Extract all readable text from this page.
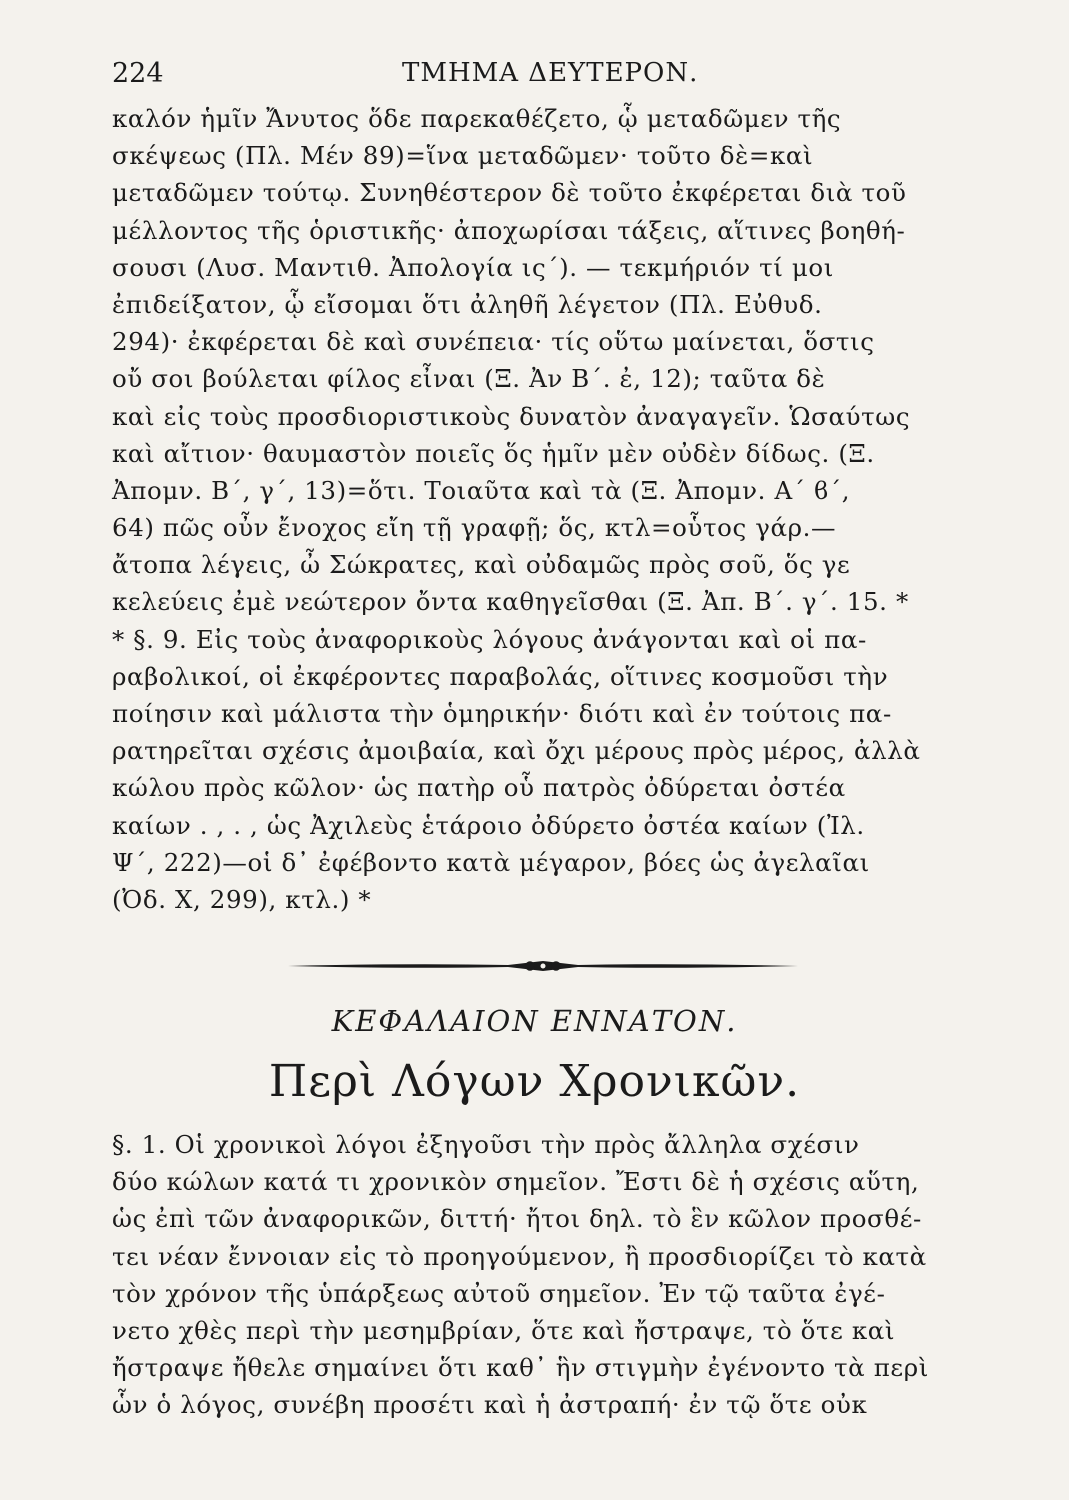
224	ΤΜΗΜΑ ΔΕΥΤΕΡΟΝ.
καλόν ἡμῖν Ἄνυτος ὅδε παρεκαθέζετο, ᾧ μεταδῶμεν τῆς
σκέψεως (Πλ. Μέν 89)=ἵνα μεταδῶμεν· τοῦτο δὲ=καὶ
μεταδῶμεν τούτῳ. Συνηθέστερον δὲ τοῦτο ἐκφέρεται διὰ τοῦ
μέλλοντος τῆς ὁριστικῆς· ἀποχωρίσαι τάξεις, αἵτινες βοηθή-
σουσι (Λυσ. Μαντιθ. Ἀπολογία ις΄). — τεκμήριόν τί μοι
ἐπιδείξατον, ᾧ εἴσομαι ὅτι ἀληθῆ λέγετον (Πλ. Εὐθυδ.
294)· ἐκφέρεται δὲ καὶ συνέπεια· τίς οὕτω μαίνεται, ὅστις
οὔ σοι βούλεται φίλος εἶναι (Ξ. Ἀν Β΄. ἐ, 12); ταῦτα δὲ
καὶ εἰς τοὺς προσδιοριστικοὺς δυνατὸν ἀναγαγεῖν. Ὡσαύτως
καὶ αἴτιον· θαυμαστὸν ποιεῖς ὅς ἡμῖν μὲν οὐδὲν δίδως. (Ξ.
Ἀπομν. Β΄, γ΄, 13)=ὅτι. Τοιαῦτα καὶ τὰ (Ξ. Ἀπομν. Α΄ ϐ΄,
64) πῶς οὖν ἔνοχος εἴη τῇ γραφῇ; ὅς, κτλ=οὗτος γάρ.—
ἄτοπα λέγεις, ὦ Σώκρατες, καὶ οὐδαμῶς πρὸς σοῦ, ὅς γε
κελεύεις ἐμὲ νεώτερον ὄντα καθηγεῖσθαι (Ξ. Ἀπ. Β΄. γ΄. 15. *
* §. 9. Εἰς τοὺς ἀναφορικοὺς λόγους ἀνάγονται καὶ οἱ πα-
ραβολικοί, οἱ ἐκφέροντες παραβολάς, οἵτινες κοσμοῦσι τὴν
ποίησιν καὶ μάλιστα τὴν ὁμηρικήν· διότι καὶ ἐν τούτοις πα-
ρατηρεῖται σχέσις ἀμοιβαία, καὶ ὄχι μέρους πρὸς μέρος, ἀλλὰ
κώλου πρὸς κῶλον· ὡς πατὴρ οὗ πατρὸς ὀδύρεται ὀστέα
καίων . , . , ὡς Ἀχιλεὺς ἑτάροιο ὀδύρετο ὀστέα καίων (Ἰλ.
Ψ΄, 222)—οἱ δ᾽ ἐφέβοντο κατὰ μέγαρον, βόες ὡς ἀγελαῖαι
(Ὀδ. Χ, 299), κτλ.) *
ΚΕΦΑΛΑΙΟΝ ΕΝΝΑΤΟΝ.
Περὶ Λόγων Χρονικῶν.
§. 1. Οἱ χρονικοὶ λόγοι ἐξηγοῦσι τὴν πρὸς ἄλληλα σχέσιν
δύο κώλων κατά τι χρονικὸν σημεῖον. Ἔστι δὲ ἡ σχέσις αὕτη,
ὡς ἐπὶ τῶν ἀναφορικῶν, διττή· ἤτοι δηλ. τὸ ἓν κῶλον προσθέ-
τει νέαν ἔννοιαν εἰς τὸ προηγούμενον, ἢ προσδιορίζει τὸ κατὰ
τὸν χρόνον τῆς ὑπάρξεως αὐτοῦ σημεῖον. Ἐν τῷ ταῦτα ἐγέ-
νετο χθὲς περὶ τὴν μεσημβρίαν, ὅτε καὶ ἤστραψε, τὸ ὅτε καὶ
ἤστραψε ἤθελε σημαίνει ὅτι καθ᾽ ἣν στιγμὴν ἐγένοντο τὰ περὶ
ὧν ὁ λόγος, συνέβη προσέτι καὶ ἡ ἀστραπή· ἐν τῷ ὅτε οὐκ
